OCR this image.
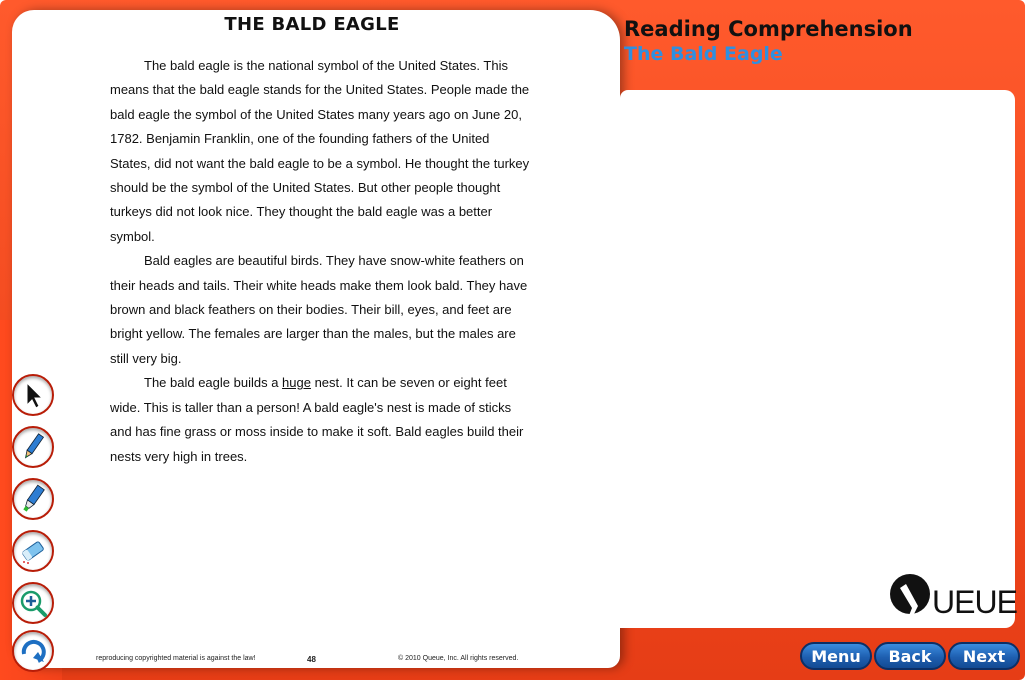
THE BALD EAGLE

The bald eagle is the national symbol of the United States. This means that the bald eagle stands for the United States. People made the bald eagle the symbol of the United States many years ago on June 20, 1782. Benjamin Franklin, one of the founding fathers of the United States, did not want the bald eagle to be a symbol. He thought the turkey should be the symbol of the United States. But other people thought turkeys did not look nice. They thought the bald eagle was a better symbol.

Bald eagles are beautiful birds. They have snow-white feathers on their heads and tails. Their white heads make them look bald. They have brown and black feathers on their bodies. Their bill, eyes, and feet are bright yellow. The females are larger than the males, but the males are still very big.

The bald eagle builds a huge nest. It can be seven or eight feet wide. This is taller than a person! A bald eagle's nest is made of sticks and has fine grass or moss inside to make it soft. Bald eagles build their nests very high in trees.

reproducing copyrighted material is against the law!	48	© 2010 Queue, Inc. All rights reserved.
Reading Comprehension
The Bald Eagle
UEUE
Menu	Back	Next
